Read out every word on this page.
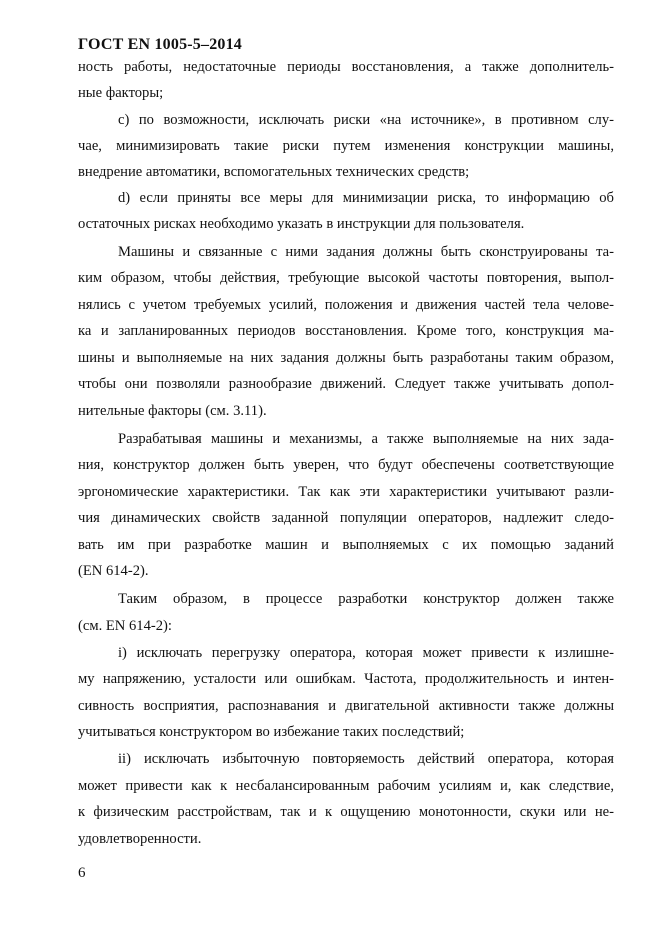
ГОСТ EN 1005-5–2014
ность работы, недостаточные периоды восстановления, а также дополнитель-
ные факторы;
c) по возможности, исключать риски «на источнике», в противном слу-
чае, минимизировать такие риски путем изменения конструкции машины,
внедрение автоматики, вспомогательных технических средств;
d) если приняты все меры для минимизации риска, то информацию об
остаточных рисках необходимо указать в инструкции для пользователя.
Машины и связанные с ними задания должны быть сконструированы та-
ким образом, чтобы действия, требующие высокой частоты повторения, выпол-
нялись с учетом требуемых усилий, положения и движения частей тела челове-
ка и запланированных периодов восстановления. Кроме того, конструкция ма-
шины и выполняемые на них задания должны быть разработаны таким образом,
чтобы они позволяли разнообразие движений. Следует также учитывать допол-
нительные факторы (см. 3.11).
Разрабатывая машины и механизмы, а также выполняемые на них зада-
ния, конструктор должен быть уверен, что будут обеспечены соответствующие
эргономические характеристики. Так как эти характеристики учитывают разли-
чия динамических свойств заданной популяции операторов, надлежит следо-
вать им при разработке машин и выполняемых с их помощью заданий
(EN 614-2).
Таким образом, в процессе разработки конструктор должен также
(см. EN 614-2):
i) исключать перегрузку оператора, которая может привести к излишне-
му напряжению, усталости или ошибкам. Частота, продолжительность и интен-
сивность восприятия, распознавания и двигательной активности также должны
учитываться конструктором во избежание таких последствий;
ii) исключать избыточную повторяемость действий оператора, которая
может привести как к несбалансированным рабочим усилиям и, как следствие,
к физическим расстройствам, так и к ощущению монотонности, скуки или не-
удовлетворенности.
6
